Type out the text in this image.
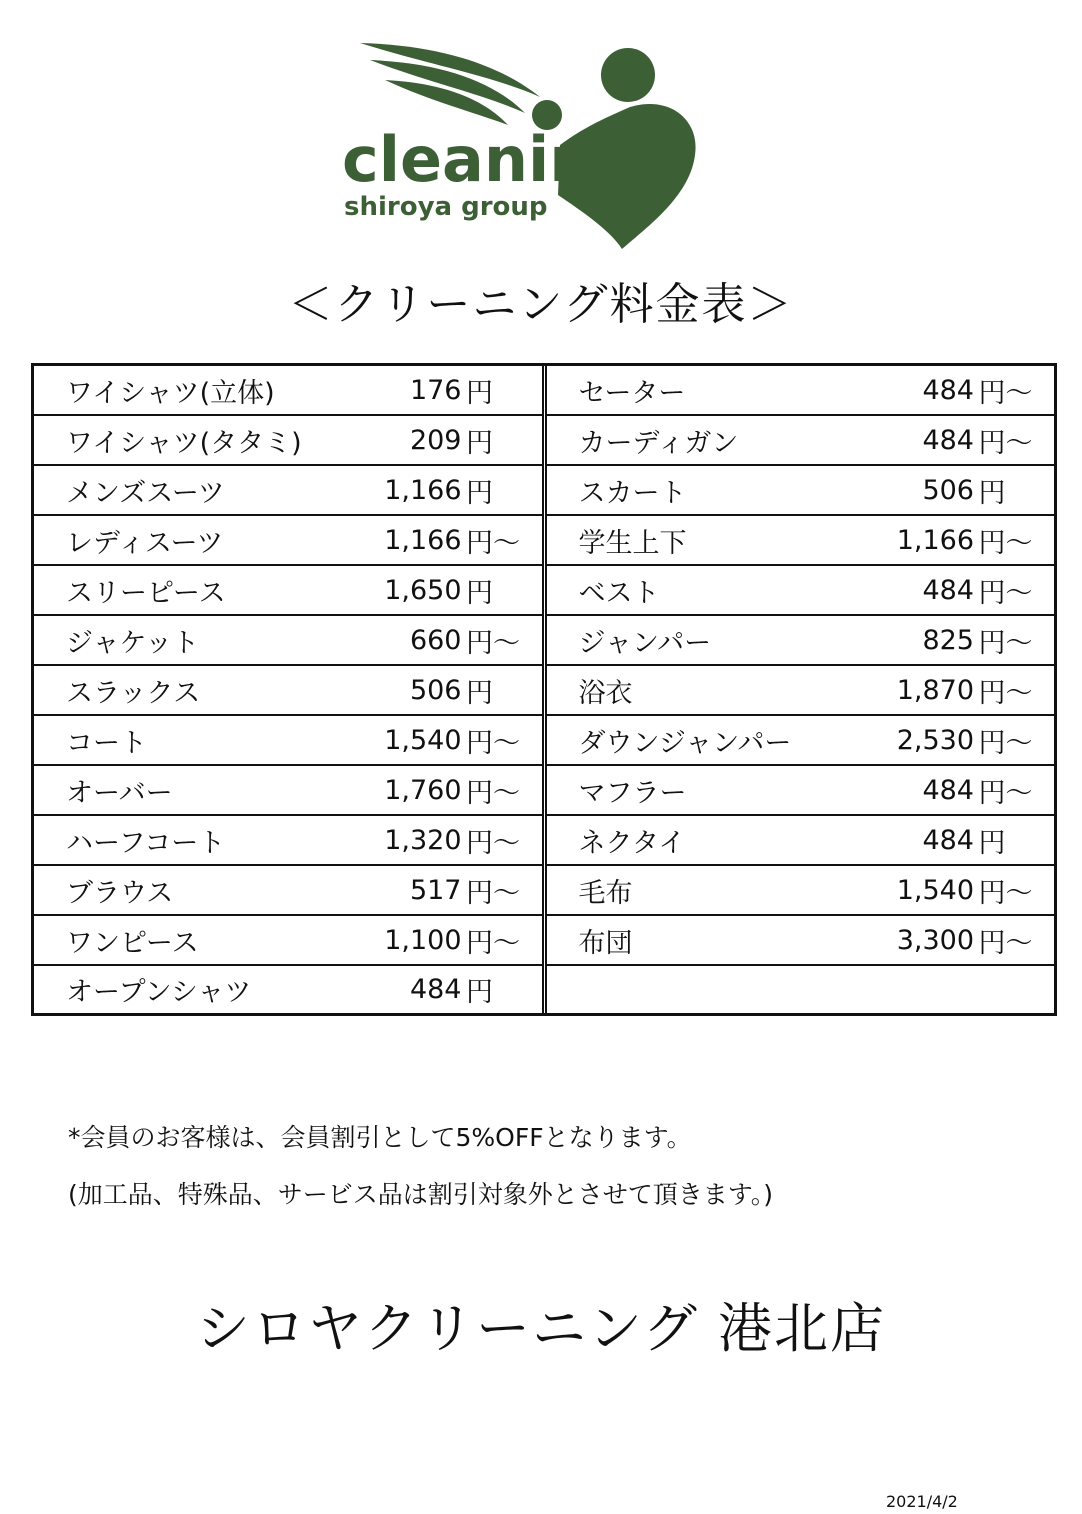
cleaning
shiroya group
＜クリーニング料金表＞
ワイシャツ(立体)	176 円
ワイシャツ(タタミ)	209 円
メンズスーツ	1,166 円
レディスーツ	1,166 円～
スリーピース	1,650 円
ジャケット	660 円～
スラックス	506 円
コート	1,540 円～
オーバー	1,760 円～
ハーフコート	1,320 円～
ブラウス	517 円～
ワンピース	1,100 円～
オープンシャツ	484 円
セーター	484 円～
カーディガン	484 円～
スカート	506 円
学生上下	1,166 円～
ベスト	484 円～
ジャンパー	825 円～
浴衣	1,870 円～
ダウンジャンパー	2,530 円～
マフラー	484 円～
ネクタイ	484 円
毛布	1,540 円～
布団	3,300 円～
*会員のお客様は、会員割引として5%OFFとなります。
(加工品、特殊品、サービス品は割引対象外とさせて頂きます。)
シロヤクリーニング 港北店
2021/4/2
